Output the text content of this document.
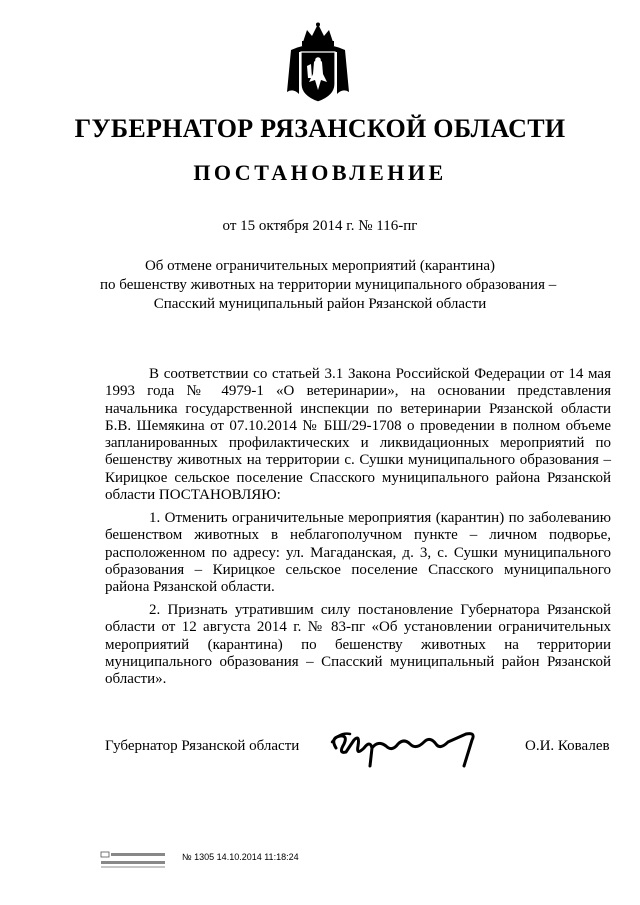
ГУБЕРНАТОР РЯЗАНСКОЙ ОБЛАСТИ
ПОСТАНОВЛЕНИЕ
от 15 октября 2014 г. № 116-пг
Об отмене ограничительных мероприятий (карантина)
по бешенству животных на территории муниципального образования –
Спасский муниципальный район Рязанской области
В соответствии со статьей 3.1 Закона Российской Федерации от 14 мая 1993 года № 4979-1 «О ветеринарии», на основании представления начальника государственной инспекции по ветеринарии Рязанской области Б.В. Шемякина от 07.10.2014 № БШ/29-1708 о проведении в полном объеме запланированных профилактических и ликвидационных мероприятий по бешенству животных на территории с. Сушки муниципального образования – Кирицкое сельское поселение Спасского муниципального района Рязанской области ПОСТАНОВЛЯЮ:
1. Отменить ограничительные мероприятия (карантин) по заболеванию бешенством животных в неблагополучном пункте – личном подворье, расположенном по адресу: ул. Магаданская, д. 3, с. Сушки муниципального образования – Кирицкое сельское поселение Спасского муниципального района Рязанской области.
2. Признать утратившим силу постановление Губернатора Рязанской области от 12 августа 2014 г. № 83-пг «Об установлении ограничительных мероприятий (карантина) по бешенству животных на территории муниципального образования – Спасский муниципальный район Рязанской области».
Губернатор Рязанской области	О.И. Ковалев
№ 1305 14.10.2014 11:18:24
